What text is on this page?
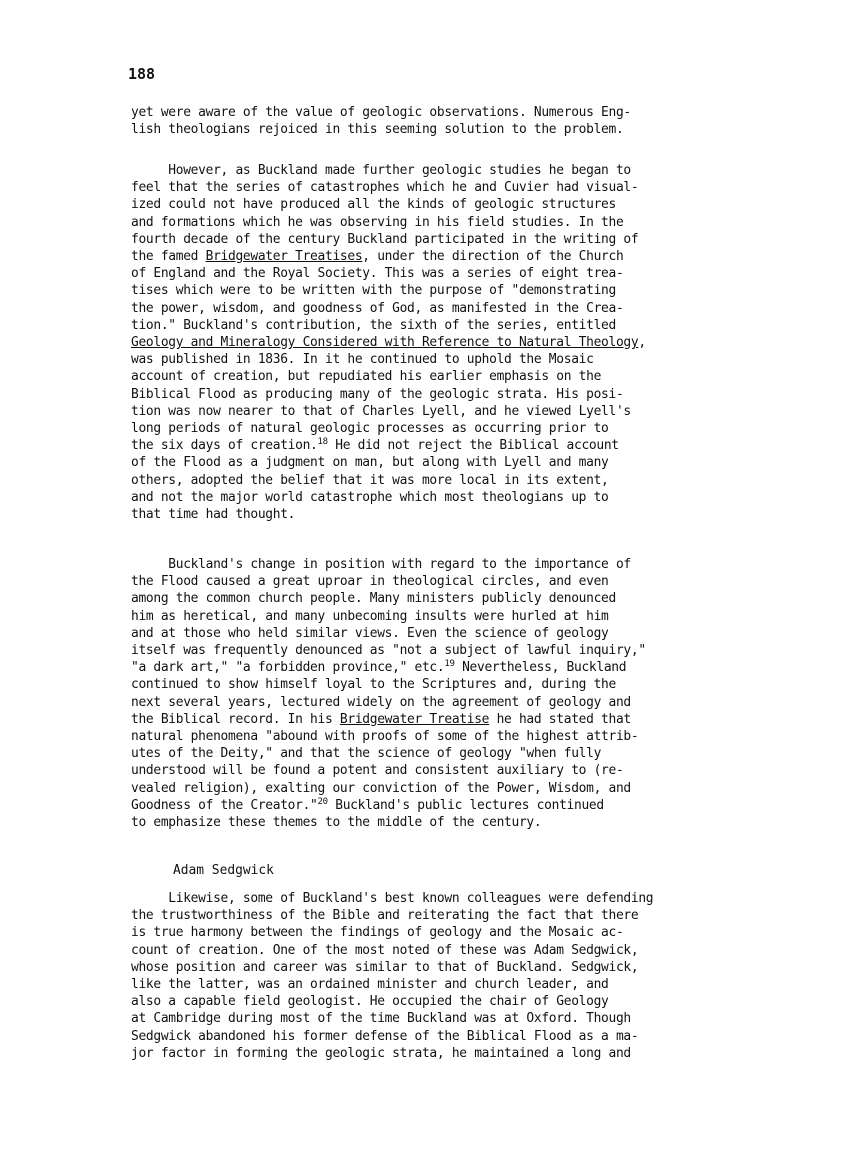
188
yet were aware of the value of geologic observations. Numerous Eng-
lish theologians rejoiced in this seeming solution to the problem.
However, as Buckland made further geologic studies he began to
feel that the series of catastrophes which he and Cuvier had visual-
ized could not have produced all the kinds of geologic structures
and formations which he was observing in his field studies. In the
fourth decade of the century Buckland participated in the writing of
the famed Bridgewater Treatises, under the direction of the Church
of England and the Royal Society. This was a series of eight trea-
tises which were to be written with the purpose of "demonstrating
the power, wisdom, and goodness of God, as manifested in the Crea-
tion." Buckland's contribution, the sixth of the series, entitled
Geology and Mineralogy Considered with Reference to Natural Theology,
was published in 1836. In it he continued to uphold the Mosaic
account of creation, but repudiated his earlier emphasis on the
Biblical Flood as producing many of the geologic strata. His posi-
tion was now nearer to that of Charles Lyell, and he viewed Lyell's
long periods of natural geologic processes as occurring prior to
the six days of creation.$^{18}$ He did not reject the Biblical account
of the Flood as a judgment on man, but along with Lyell and many
others, adopted the belief that it was more local in its extent,
and not the major world catastrophe which most theologians up to
that time had thought.
Buckland's change in position with regard to the importance of
the Flood caused a great uproar in theological circles, and even
among the common church people. Many ministers publicly denounced
him as heretical, and many unbecoming insults were hurled at him
and at those who held similar views. Even the science of geology
itself was frequently denounced as "not a subject of lawful inquiry,"
"a dark art," "a forbidden province," etc.$^{19}$ Nevertheless, Buckland
continued to show himself loyal to the Scriptures and, during the
next several years, lectured widely on the agreement of geology and
the Biblical record. In his Bridgewater Treatise he had stated that
natural phenomena "abound with proofs of some of the highest attrib-
utes of the Deity," and that the science of geology "when fully
understood will be found a potent and consistent auxiliary to (re-
vealed religion), exalting our conviction of the Power, Wisdom, and
Goodness of the Creator."$^{20}$ Buckland's public lectures continued
to emphasize these themes to the middle of the century.
Adam Sedgwick
Likewise, some of Buckland's best known colleagues were defending
the trustworthiness of the Bible and reiterating the fact that there
is true harmony between the findings of geology and the Mosaic ac-
count of creation. One of the most noted of these was Adam Sedgwick,
whose position and career was similar to that of Buckland. Sedgwick,
like the latter, was an ordained minister and church leader, and
also a capable field geologist. He occupied the chair of Geology
at Cambridge during most of the time Buckland was at Oxford. Though
Sedgwick abandoned his former defense of the Biblical Flood as a ma-
jor factor in forming the geologic strata, he maintained a long and
